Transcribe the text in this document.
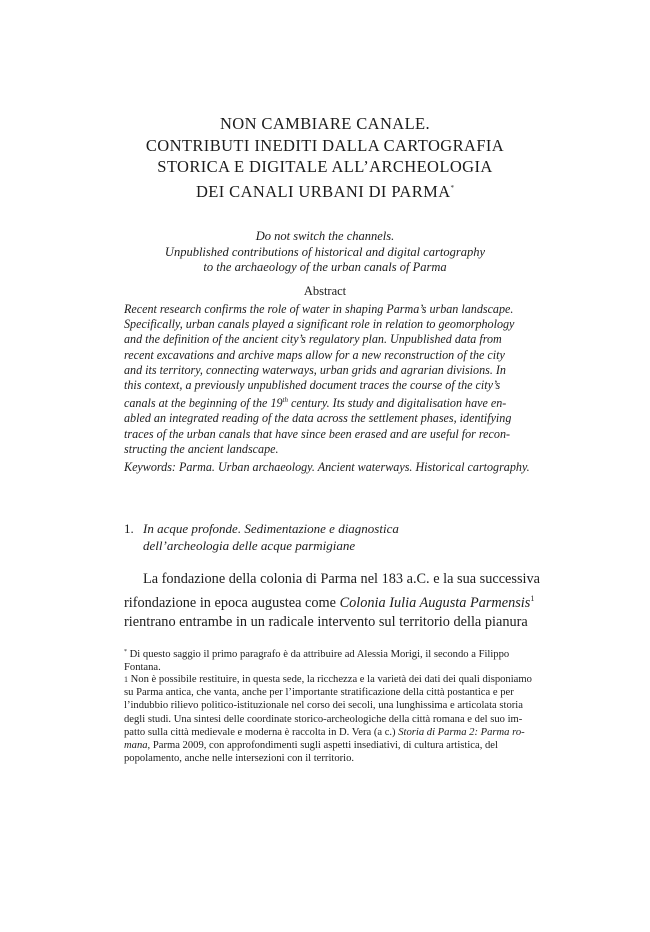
NON CAMBIARE CANALE.
CONTRIBUTI INEDITI DALLA CARTOGRAFIA
STORICA E DIGITALE ALL’ARCHEOLOGIA
DEI CANALI URBANI DI PARMA*
Do not switch the channels.
Unpublished contributions of historical and digital cartography
to the archaeology of the urban canals of Parma
Abstract
Recent research confirms the role of water in shaping Parma’s urban landscape.
Specifically, urban canals played a significant role in relation to geomorphology
and the definition of the ancient city’s regulatory plan. Unpublished data from
recent excavations and archive maps allow for a new reconstruction of the city
and its territory, connecting waterways, urban grids and agrarian divisions. In
this context, a previously unpublished document traces the course of the city’s
canals at the beginning of the 19th century. Its study and digitalisation have en-
abled an integrated reading of the data across the settlement phases, identifying
traces of the urban canals that have since been erased and are useful for recon-
structing the ancient landscape.
Keywords: Parma. Urban archaeology. Ancient waterways. Historical cartography.
1. In acque profonde. Sedimentazione e diagnostica
dell’archeologia delle acque parmigiane
La fondazione della colonia di Parma nel 183 a.C. e la sua successiva
rifondazione in epoca augustea come Colonia Iulia Augusta Parmensis$^1$
rientrano entrambe in un radicale intervento sul territorio della pianura
* Di questo saggio il primo paragrafo è da attribuire ad Alessia Morigi, il secondo a Filippo
Fontana.
1 Non è possibile restituire, in questa sede, la ricchezza e la varietà dei dati dei quali disponiamo
su Parma antica, che vanta, anche per l’importante stratificazione della città postantica e per
l’indubbio rilievo politico-istituzionale nel corso dei secoli, una lunghissima e articolata storia
degli studi. Una sintesi delle coordinate storico-archeologiche della città romana e del suo im-
patto sulla città medievale e moderna è raccolta in D. Vera (a c.) Storia di Parma 2: Parma ro-
mana, Parma 2009, con approfondimenti sugli aspetti insediativi, di cultura artistica, del
popolamento, anche nelle intersezioni con il territorio.
